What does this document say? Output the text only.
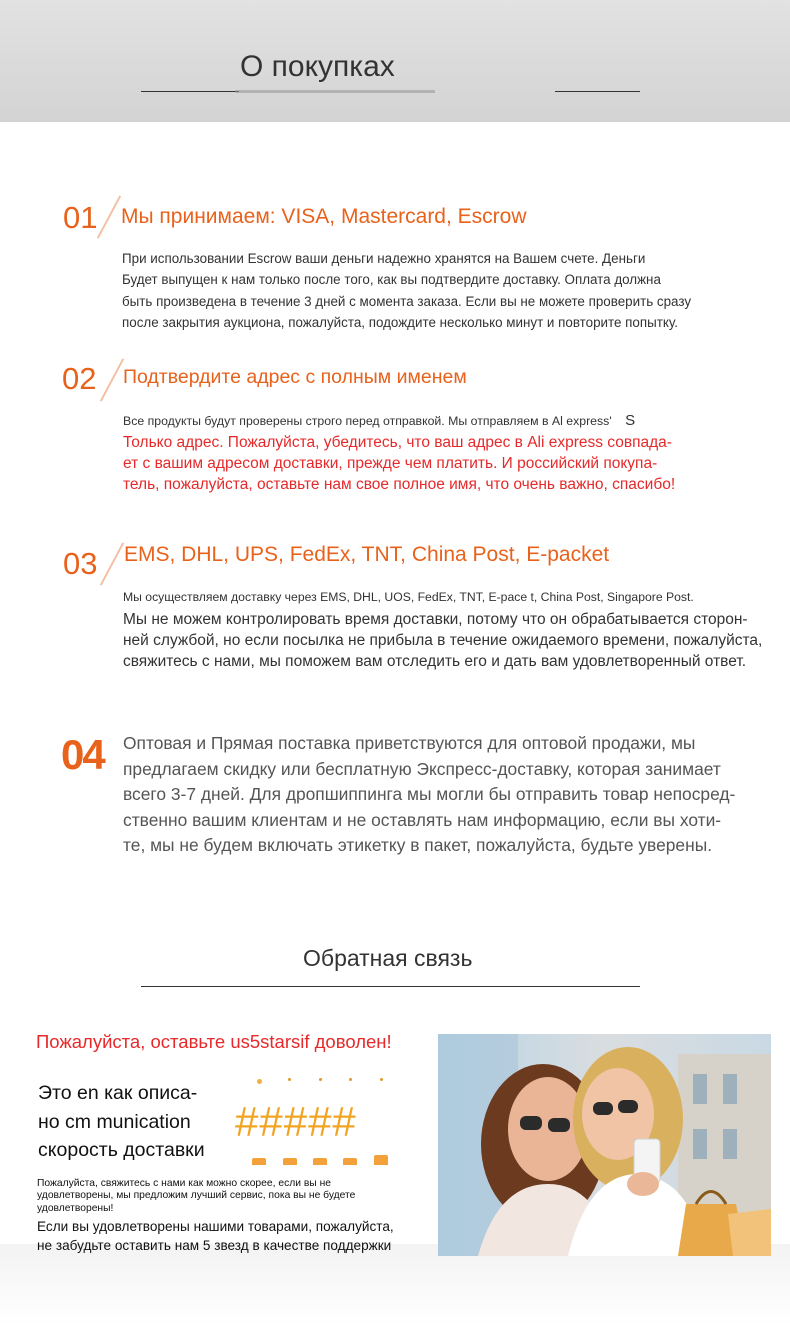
О покупках
01 Мы принимаем: VISA, Mastercard, Escrow
При использовании Escrow ваши деньги надежно хранятся на Вашем счете. Деньги
Будет выпущен к нам только после того, как вы подтвердите доставку. Оплата должна
быть произведена в течение 3 дней с момента заказа. Если вы не можете проверить сразу
после закрытия аукциона, пожалуйста, подождите несколько минут и повторите попытку.
02 Подтвердите адрес с полным именем
Все продукты будут проверены строго перед отправкой. Мы отправляем в Al express' S
Только адрес. Пожалуйста, убедитесь, что ваш адрес в Ali express совпада-
ет с вашим адресом доставки, прежде чем платить. И российский покупа-
тель, пожалуйста, оставьте нам свое полное имя, что очень важно, спасибо!
03 EMS, DHL, UPS, FedEx, TNT, China Post, E-packet
Мы осуществляем доставку через EMS, DHL, UOS, FedEx, TNT, E-pace t, China Post, Singapore Post.
Мы не можем контролировать время доставки, потому что он обрабатывается сторон-
ней службой, но если посылка не прибыла в течение ожидаемого времени, пожалуйста,
свяжитесь с нами, мы поможем вам отследить его и дать вам удовлетворенный ответ.
04 Оптовая и Прямая поставка приветствуются для оптовой продажи, мы
предлагаем скидку или бесплатную Экспресс-доставку, которая занимает
всего 3-7 дней. Для дропшиппинга мы могли бы отправить товар непосред-
ственно вашим клиентам и не оставлять нам информацию, если вы хоти-
те, мы не будем включать этикетку в пакет, пожалуйста, будьте уверены.
Обратная связь
Пожалуйста, оставьте us5starsif доволен!
Это en как описа-
но cm munication
скорость доставки
#####
Пожалуйста, свяжитесь с нами как можно скорее, если вы не
удовлетворены, мы предложим лучший сервис, пока вы не будете
удовлетворены!
Если вы удовлетворены нашими товарами, пожалуйста,
не забудьте оставить нам 5 звезд в качестве поддержки
